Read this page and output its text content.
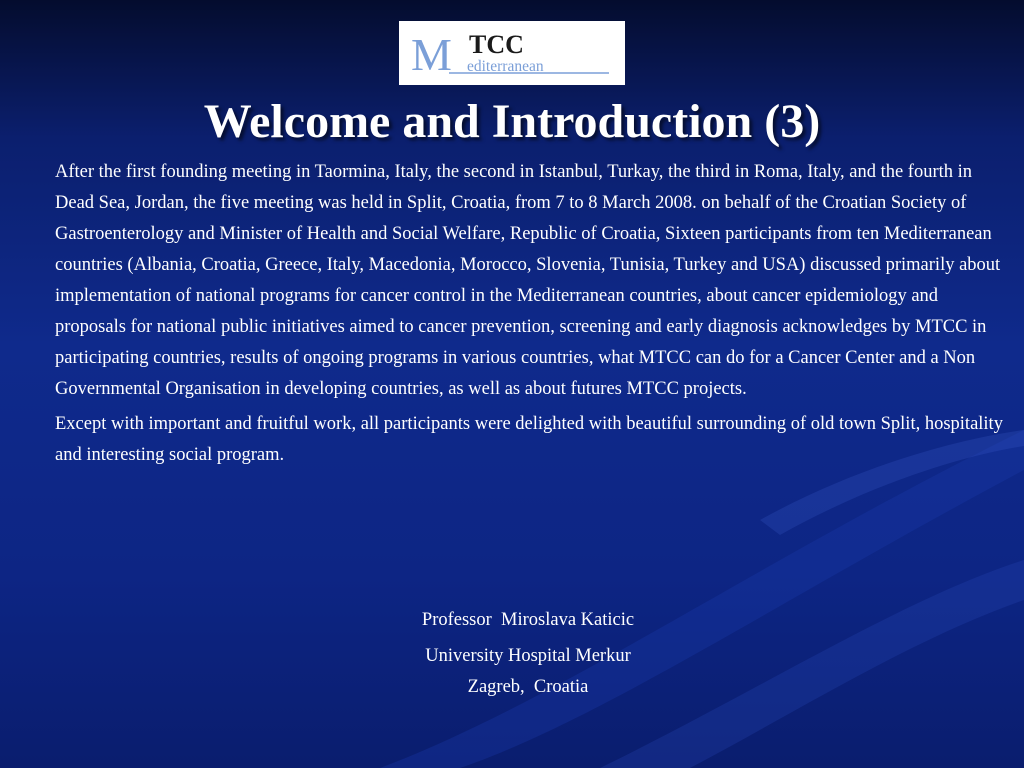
M TCC
editerranean
Welcome and Introduction (3)

After the first founding meeting in Taormina, Italy, the second in Istanbul, Turkay, the third in Roma, Italy, and the fourth in Dead Sea, Jordan, the five meeting was held in Split, Croatia, from 7 to 8 March 2008. on behalf of the Croatian Society of Gastroenterology and Minister of Health and Social Welfare, Republic of Croatia, Sixteen participants from ten Mediterranean countries (Albania, Croatia, Greece, Italy, Macedonia, Morocco, Slovenia, Tunisia, Turkey and USA) discussed primarily about implementation of national programs for cancer control in the Mediterranean countries, about cancer epidemiology and proposals for national public initiatives aimed to cancer prevention, screening and early diagnosis acknowledges by MTCC in participating countries, results of ongoing programs in various countries, what MTCC can do for a Cancer Center and a Non Governmental Organisation in developing countries, as well as about futures MTCC projects.

Except with important and fruitful work, all participants were delighted with beautiful surrounding of old town Split, hospitality and interesting social program.

Professor  Miroslava Katicic
University Hospital Merkur
Zagreb,  Croatia
